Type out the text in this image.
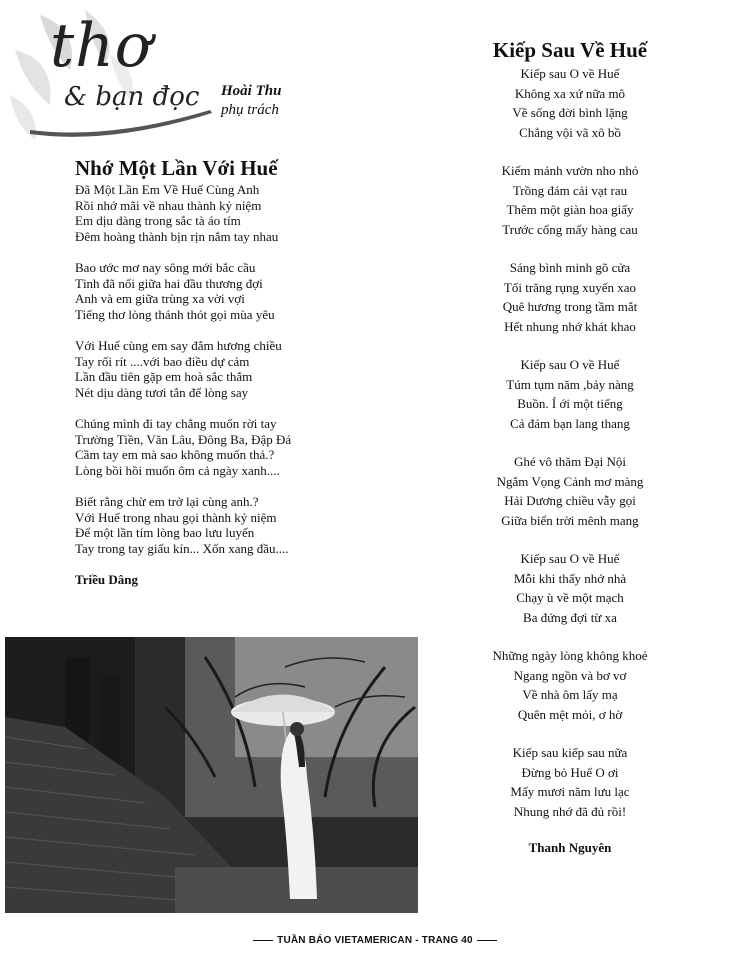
thơ
& bạn đọc Hoài Thu
phụ trách
Nhớ Một Lần Với Huế
Đã Một Lần Em Về Huế Cùng Anh
Rồi nhớ mãi về nhau thành kỷ niệm
Em dịu dàng trong sắc tà áo tím
Đêm hoàng thành bịn rịn nắm tay nhau
Bao ước mơ nay sông mới bắc cầu
Tình đã nối giữa hai đầu thương đợi
Anh và em giữa trùng xa vời vợi
Tiếng thơ lòng thánh thót gọi mùa yêu
Với Huế cùng em say đắm hương chiều
Tay rối rít ....với bao điều dự cảm
Lần đầu tiên gặp em hoà sắc thắm
Nét dịu dàng tươi tắn để lòng say
Chúng mình đi tay chẳng muốn rời tay
Trường Tiền, Văn Lâu, Đông Ba, Đập Đá
Cầm tay em mà sao không muốn thả.?
Lòng bồi hồi muốn ôm cả ngày xanh....
Biết rằng chừ em trở lại cùng anh.?
Với Huế trong nhau gọi thành kỷ niệm
Để một lần tím lòng bao lưu luyến
Tay trong tay giấu kín... Xốn xang đầu....
Triều Dâng
Kiếp Sau Về Huế
Kiếp sau O về Huế
Không xa xứ nữa mô
Về sống đời bình lặng
Chẳng vội vã xô bồ
Kiếm mảnh vườn nho nhỏ
Trồng đám cải vạt rau
Thêm một giàn hoa giấy
Trước cổng mấy hàng cau
Sáng bình minh gõ cửa
Tối trăng rụng xuyến xao
Quê hương trong tầm mắt
Hết nhung nhớ khát khao
Kiếp sau O về Huế
Túm tụm năm ,bảy nàng
Buồn. Í ới một tiếng
Cả đám bạn lang thang
Ghé vô thăm Đại Nội
Ngắm Vọng Cảnh mơ màng
Hải Dương chiều vẫy gọi
Giữa biển trời mênh mang
Kiếp sau O về Huế
Mỗi khi thấy nhớ nhà
Chạy ù về một mạch
Ba đứng đợi từ xa
Những ngày lòng không khoẻ
Ngang ngồn và bơ vơ
Về nhà ôm lấy mạ
Quên mệt mỏi, ơ hờ
Kiếp sau kiếp sau nữa
Đừng bỏ Huế O ơi
Mấy mươi năm lưu lạc
Nhung nhớ đã đủ rồi!
Thanh Nguyên
TUẦN BÁO VIETAMERICAN - TRANG 40
